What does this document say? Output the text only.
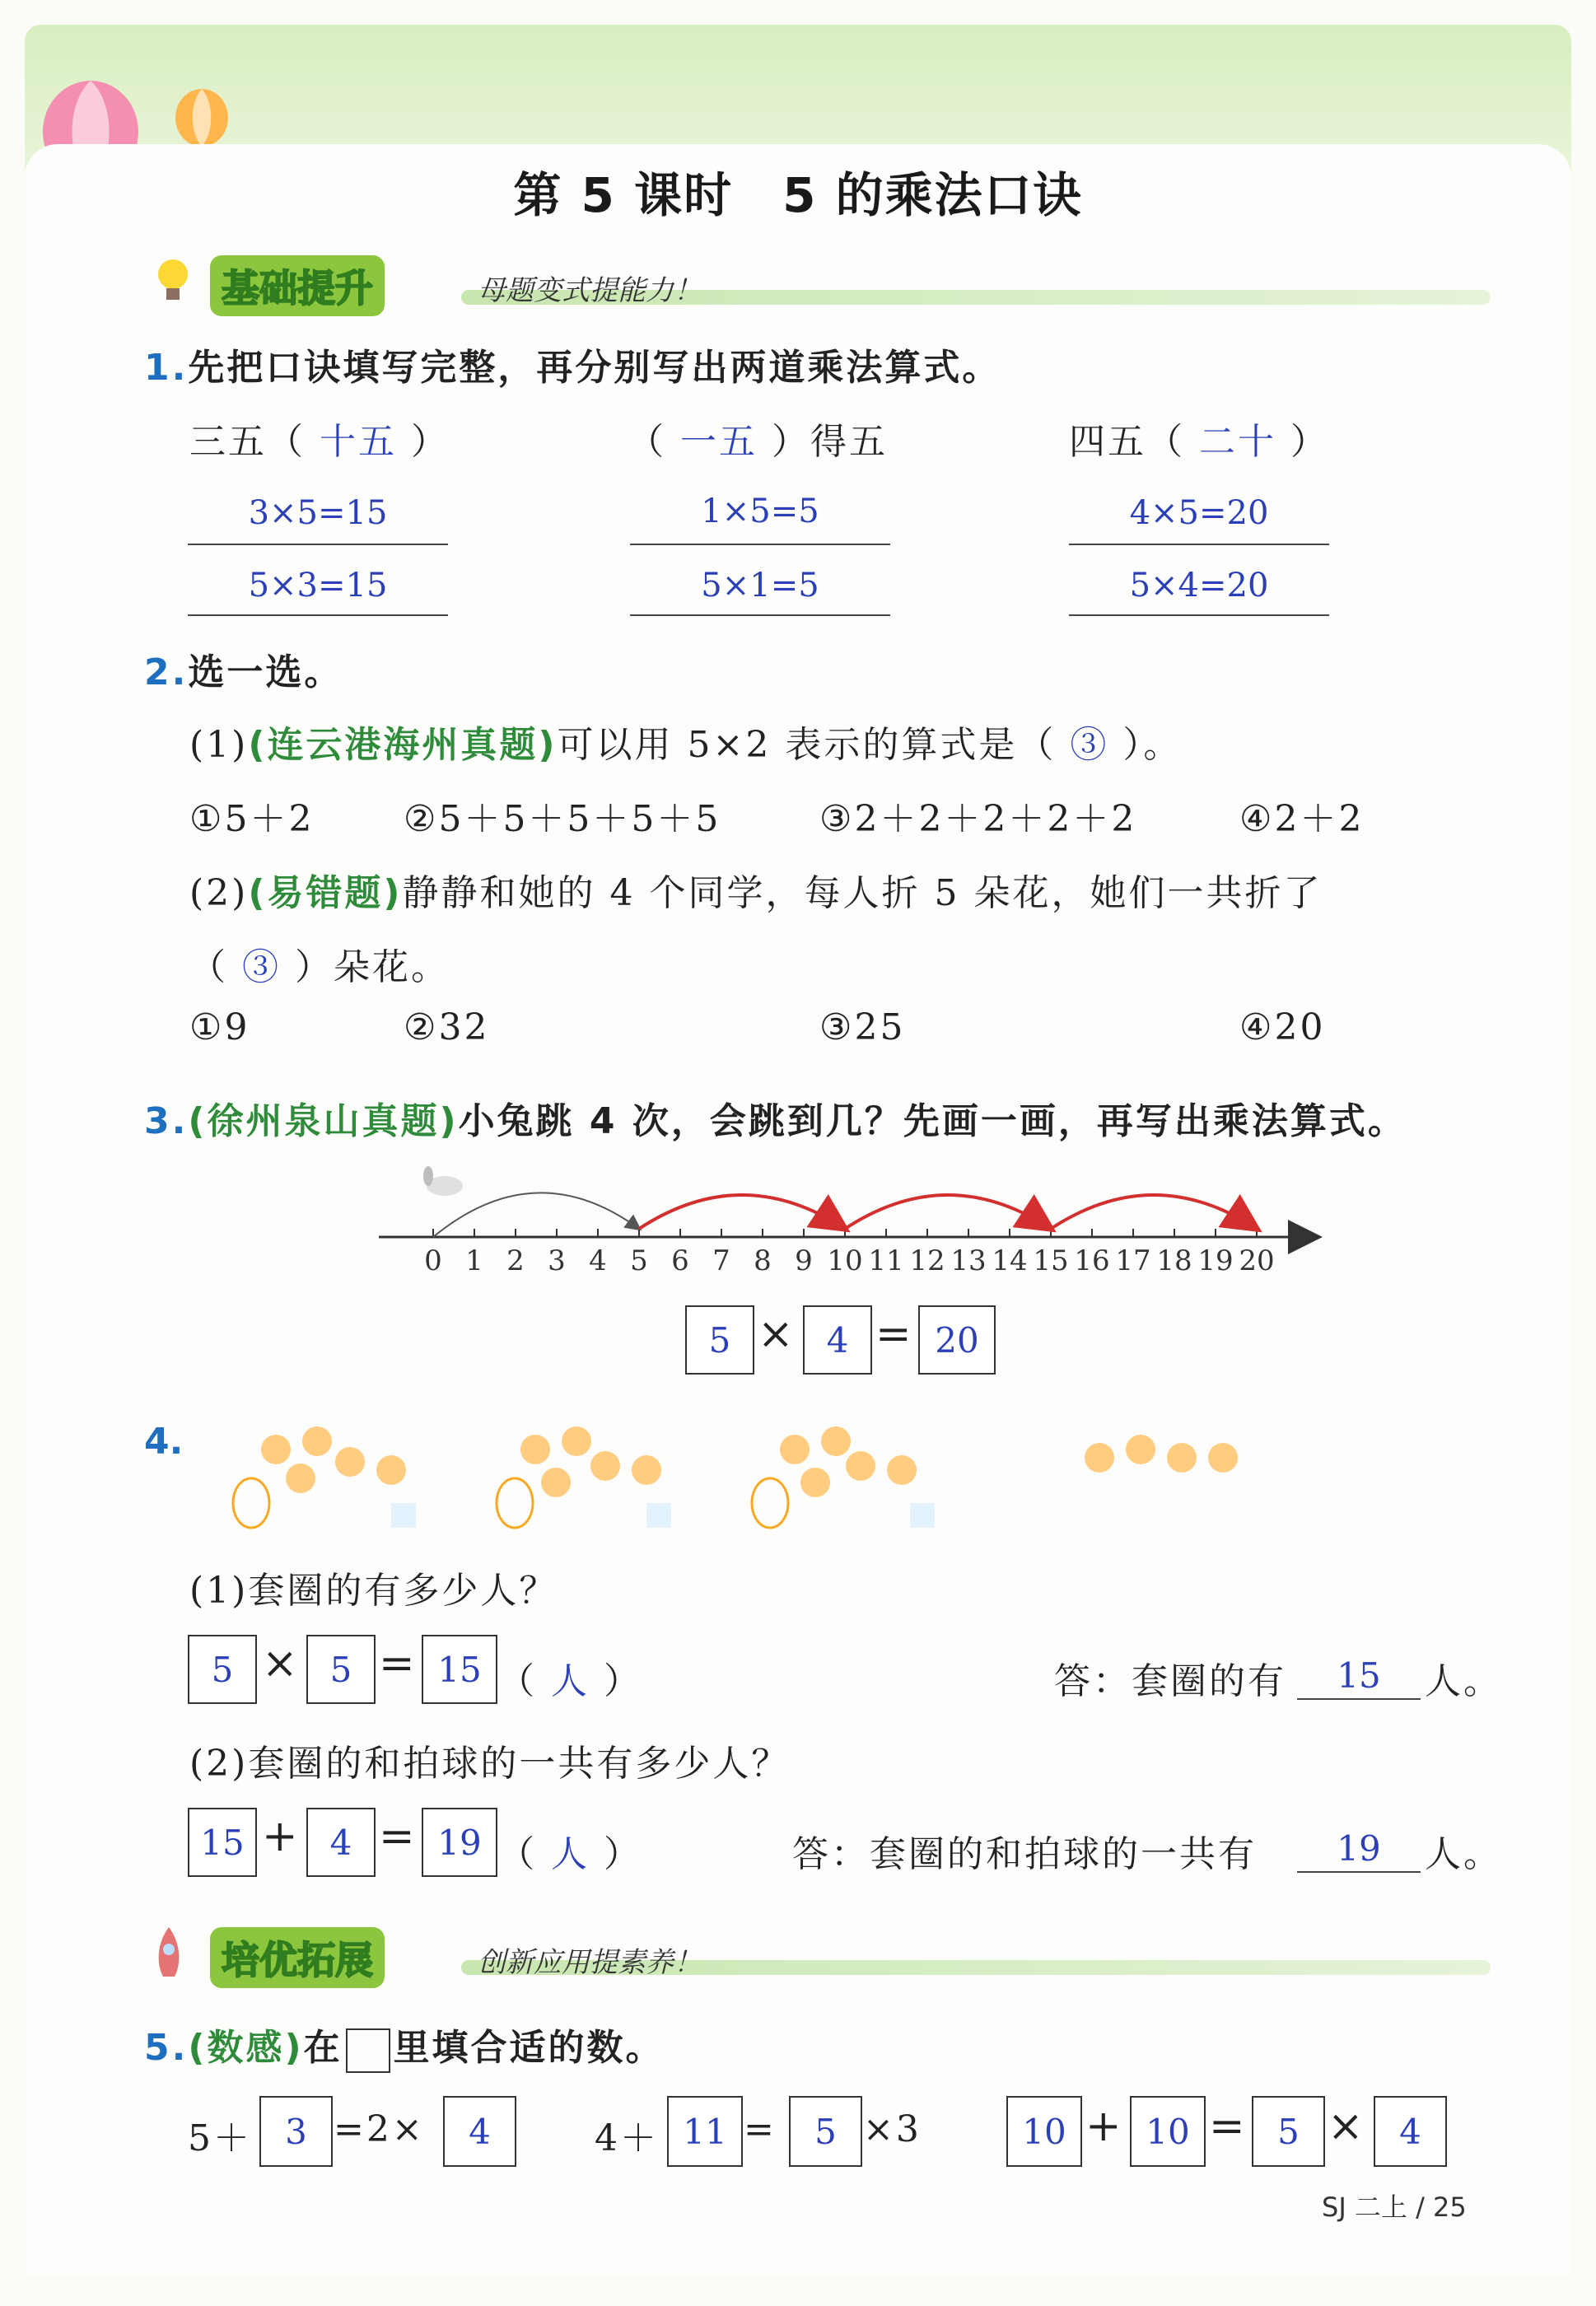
第 5 课时　5 的乘法口诀
基础提升	母题变式提能力！
1.先把口诀填写完整，再分别写出两道乘法算式。
三五（ 十五 ）	（ 一五 ）得五	四五（ 二十 ）
3×5=15
5×3=15
1×5=5
5×1=5
4×5=20
5×4=20
2.选一选。
(1)(连云港海州真题)可以用 5×2 表示的算式是（ ③ ）。
①5＋2 ②5＋5＋5＋5＋5	③2＋2＋2＋2＋2	④2＋2
(2)(易错题)静静和她的 4 个同学，每人折 5 朵花，她们一共折了
（ ③ ）朵花。
①9	②32	③25	④20
3.(徐州泉山真题)小兔跳 4 次，会跳到几？先画一画，再写出乘法算式。
0 1 2 3 4 5 6 7 8 9 10 11 12 13 14 15 16 17 18 19 20
5 × 4 = 20
4.
(1)套圈的有多少人？
5 × 5 = 15 （ 人 ）	答：套圈的有	15	人。
(2)套圈的和拍球的一共有多少人？
15 + 4 = 19 （ 人 ）	答：套圈的和拍球的一共有	19	人。
培优拓展	创新应用提素养！
5.(数感)在 里填合适的数。
5＋ 3 =2×	4	4＋ 11 =	5 ×3	10 + 10 = 5 ×	4
SJ 二上 / 25
